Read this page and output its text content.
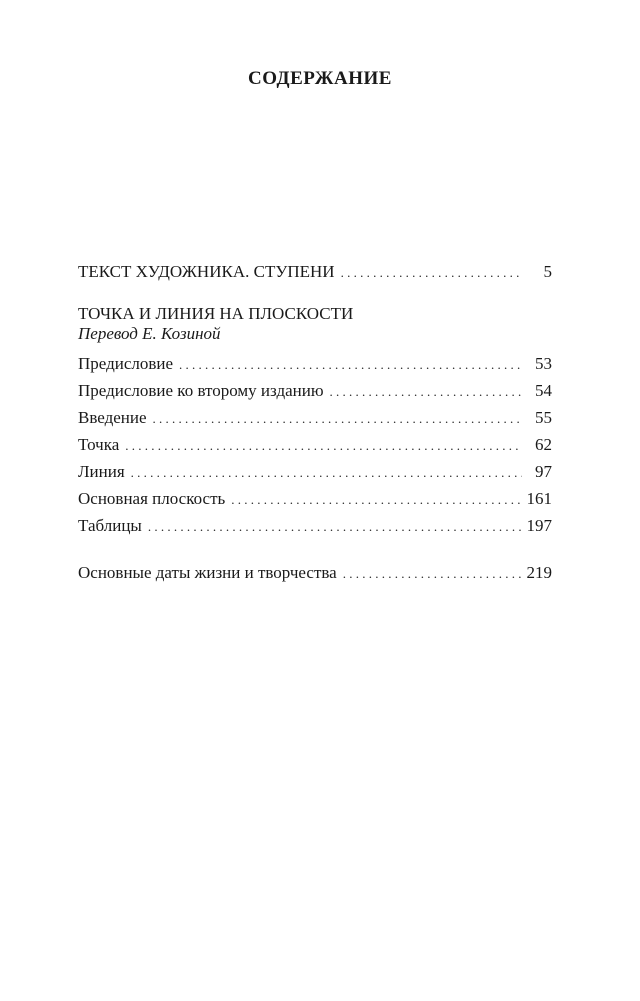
СОДЕРЖАНИЕ
ТЕКСТ ХУДОЖНИКА. СТУПЕНИ . . .	5
ТОЧКА И ЛИНИЯ НА ПЛОСКОСТИ
Перевод Е. Козиной
Предисловие . . .	53
Предисловие ко второму изданию . . .	54
Введение . . .	55
Точка . . .	62
Линия . . .	97
Основная плоскость . . .	161
Таблицы . . .	197
Основные даты жизни и творчества . . .	219
